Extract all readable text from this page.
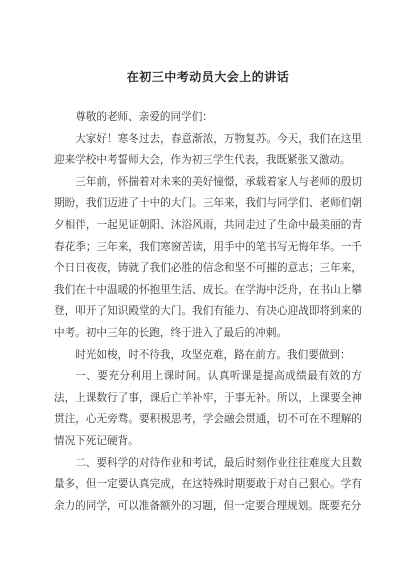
在初三中考动员大会上的讲话

尊敬的老师、亲爱的同学们：

大家好！寒冬过去，春意渐浓，万物复苏。今天，我们在这里迎来学校中考誓师大会，作为初三学生代表，我既紧张又激动。

三年前，怀揣着对未来的美好憧憬，承载着家人与老师的殷切期盼，我们迈进了十中的大门。三年来，我们与同学们、老师们朝夕相伴，一起见证朝阳、沐浴风雨，共同走过了生命中最美丽的青春花季；三年来，我们寒窗苦读，用手中的笔书写无悔年华。一千个日日夜夜，铸就了我们必胜的信念和坚不可摧的意志；三年来，我们在十中温暖的怀抱里生活、成长。在学海中泛舟，在书山上攀登，叩开了知识殿堂的大门。我们有能力、有决心迎战即将到来的中考。初中三年的长跑，终于进入了最后的冲刺。

时光如梭，时不待我，攻坚克难，路在前方。我们要做到：

一、要充分利用上课时间。认真听课是提高成绩最有效的方法，上课数行了事，课后亡羊补牢，于事无补。所以，上课要全神贯注，心无旁骛。要积极思考，学会融会贯通，切不可在不理解的情况下死记硬背。

二、要科学的对待作业和考试，最后时刻作业往往难度大且数量多，但一定要认真完成，在这特殊时期要敢于对自己狠心。学有余力的同学，可以准备额外的习题，但一定要合理规划。既要充分
